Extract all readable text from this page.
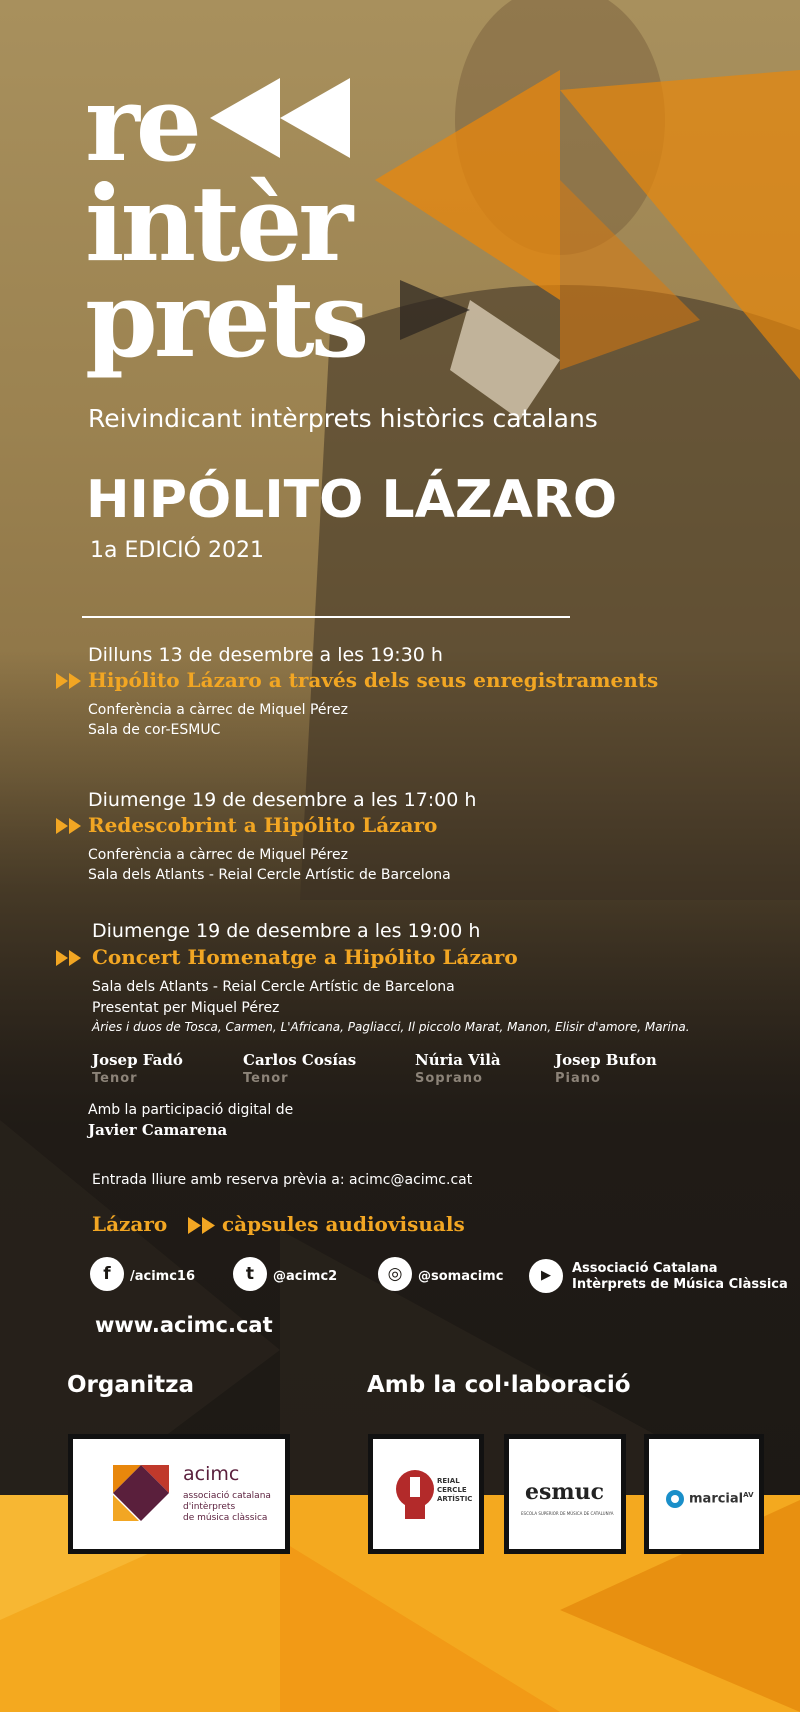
re
intèr
prets
Reivindicant intèrprets històrics catalans
HIPÓLITO LÁZARO
1a EDICIÓ 2021
Dilluns 13 de desembre a les 19:30 h
Hipólito Lázaro a través dels seus enregistraments
Conferència a càrrec de Miquel Pérez
Sala de cor-ESMUC
Diumenge 19 de desembre a les 17:00 h
Redescobrint a Hipólito Lázaro
Conferència a càrrec de Miquel Pérez
Sala dels Atlants - Reial Cercle Artístic de Barcelona
Diumenge 19 de desembre a les 19:00 h
Concert Homenatge a Hipólito Lázaro
Sala dels Atlants - Reial Cercle Artístic de Barcelona
Presentat per Miquel Pérez
Àries i duos de Tosca, Carmen, L'Africana, Pagliacci, Il piccolo Marat, Manon, Elisir d'amore, Marina.
Josep Fadó
Tenor
Carlos Cosías
Tenor
Núria Vilà
Soprano
Josep Bufon
Piano
Amb la participació digital de
Javier Camarena
Entrada lliure amb reserva prèvia a: acimc@acimc.cat
Lázaro	càpsules audiovisuals
f	/acimc16	t	@acimc2	◎	@somacimc	▶	Associació Catalana
Intèrprets de Música Clàssica
www.acimc.cat
Organitza
acimc
associació catalana
d'intèrprets
de música clàssica
Amb la col·laboració
REIAL CERCLE ARTÍSTIC esmuc
ESCOLA SUPERIOR DE MÚSICA DE CATALUNYA
marcial$^{AV}$
